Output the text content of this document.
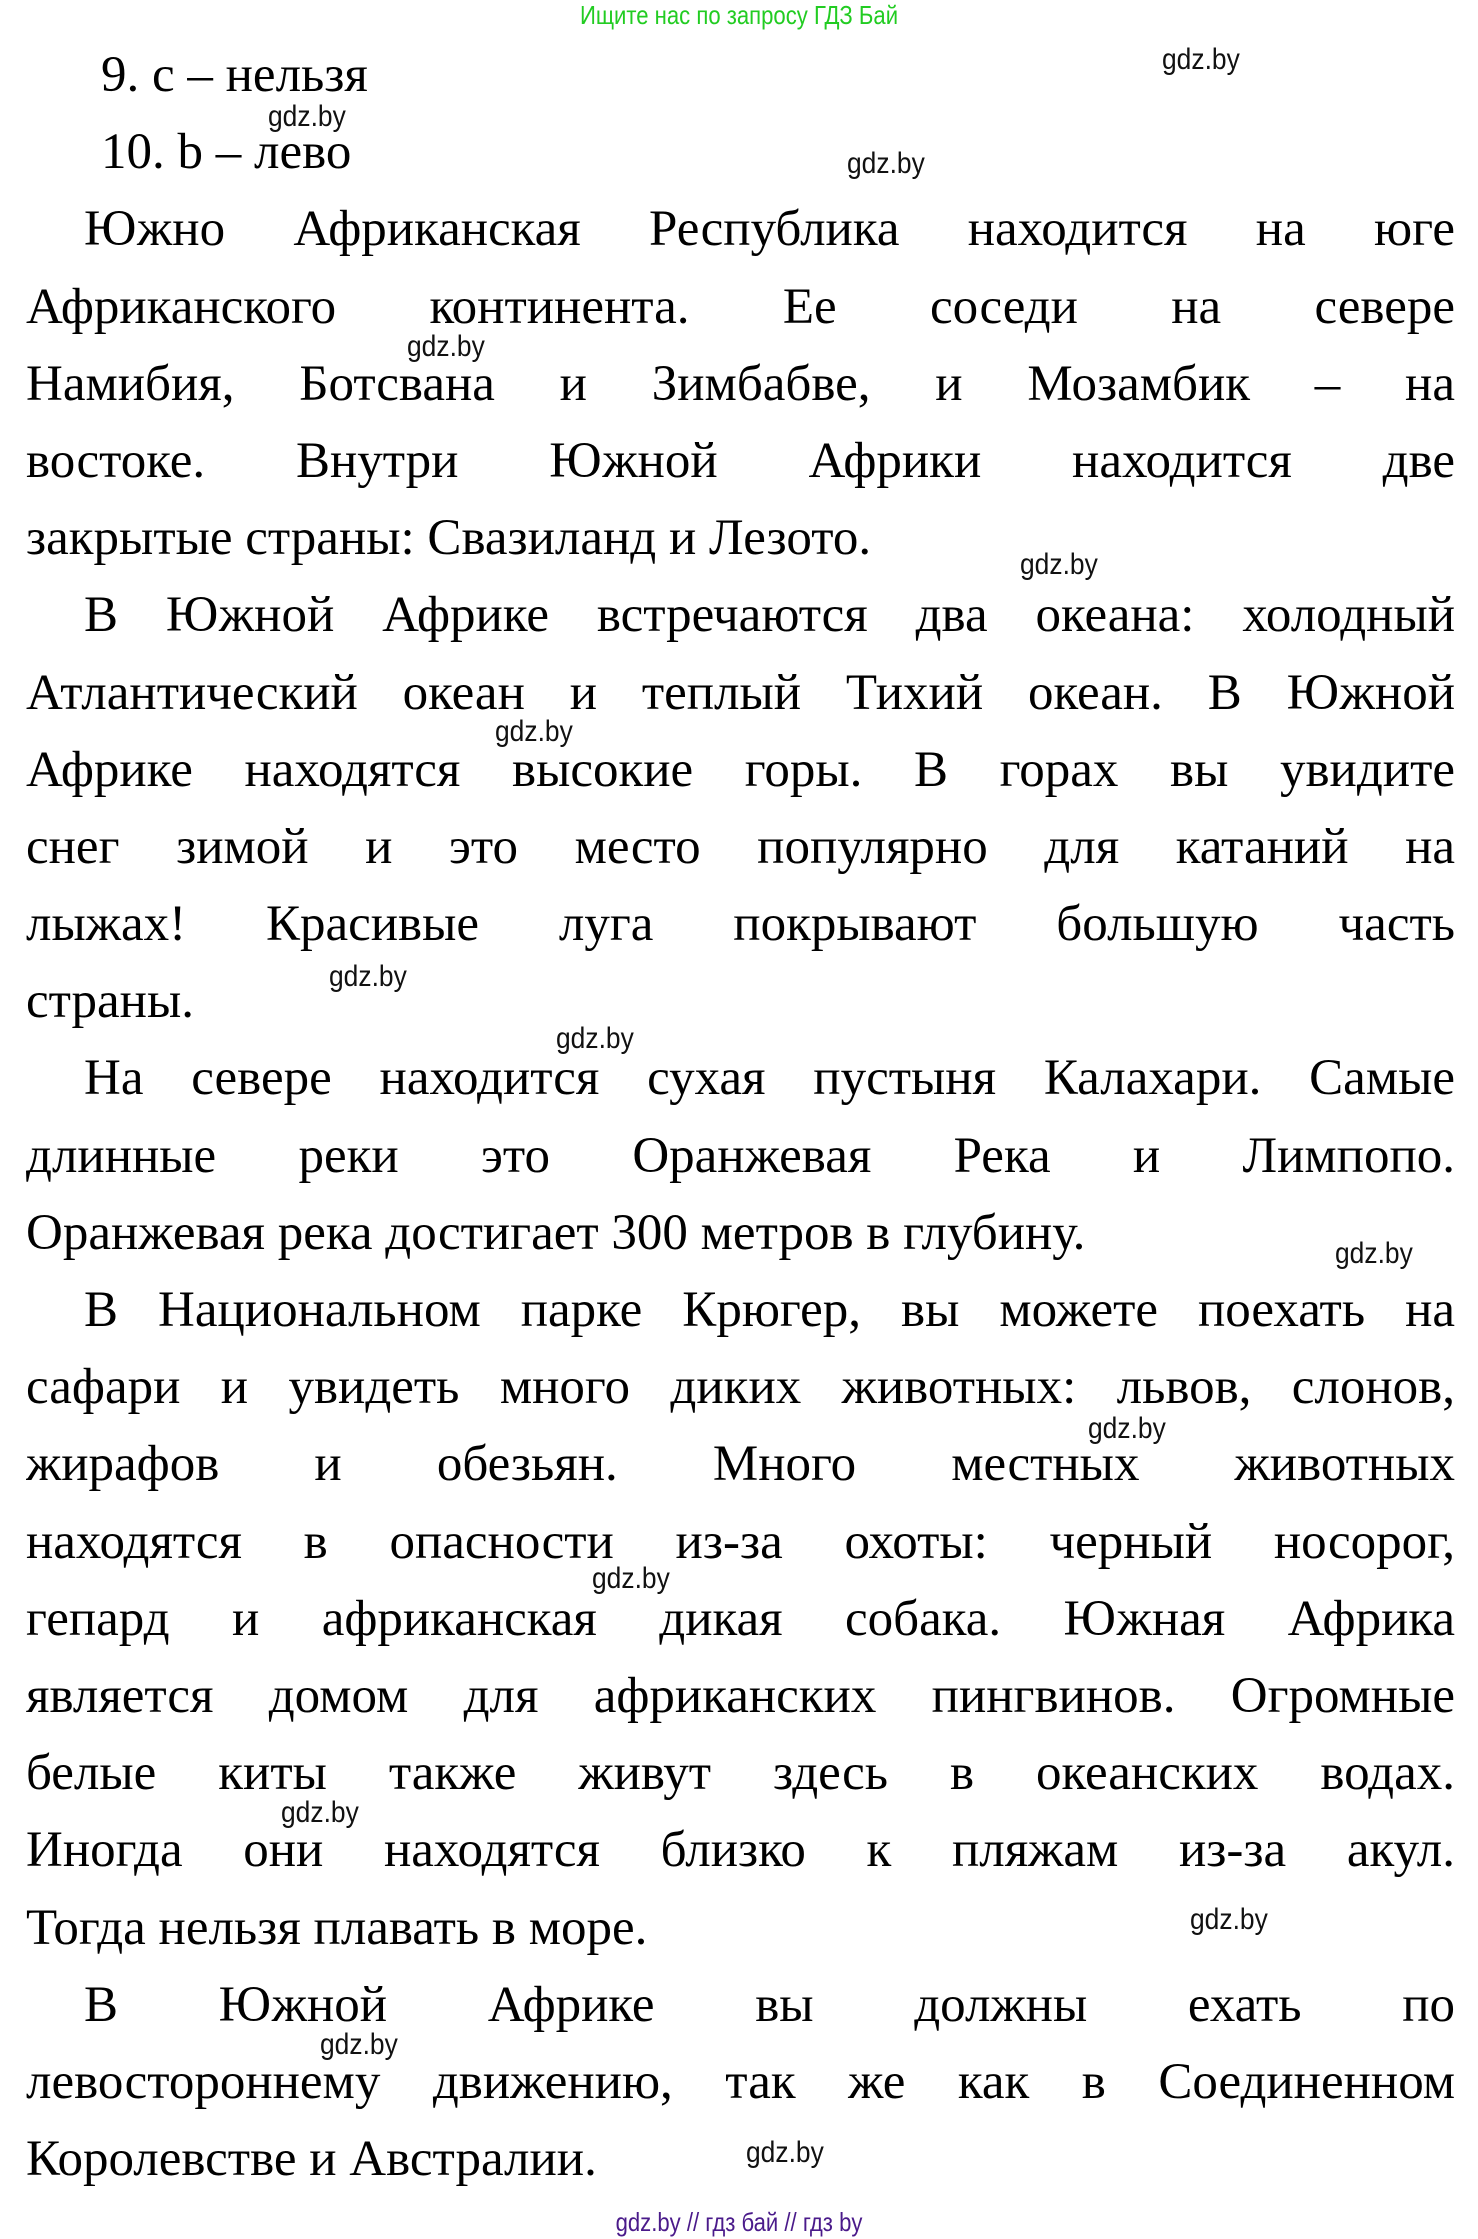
Ищите нас по запросу ГДЗ Бай
9. c – нельзя
10. b – лево
Южно Африканская Республика находится на юге
Африканского континента. Ее соседи на севере
Намибия, Ботсвана и Зимбабве, и Мозамбик – на
востоке. Внутри Южной Африки находится две
закрытые страны: Свазиланд и Лезото.
В Южной Африке встречаются два океана: холодный
Атлантический океан и теплый Тихий океан. В Южной
Африке находятся высокие горы. В горах вы увидите
снег зимой и это место популярно для катаний на
лыжах! Красивые луга покрывают большую часть
страны.
На севере находится сухая пустыня Калахари. Самые
длинные реки это Оранжевая Река и Лимпопо.
Оранжевая река достигает 300 метров в глубину.
В Национальном парке Крюгер, вы можете поехать на
сафари и увидеть много диких животных: львов, слонов,
жирафов и обезьян. Много местных животных
находятся в опасности из-за охоты: черный носорог,
гепард и африканская дикая собака. Южная Африка
является домом для африканских пингвинов. Огромные
белые киты также живут здесь в океанских водах.
Иногда они находятся близко к пляжам из-за акул.
Тогда нельзя плавать в море.
В Южной Африке вы должны ехать по
левостороннему движению, так же как в Соединенном
Королевстве и Австралии.
gdz.by
gdz.by
gdz.by
gdz.by
gdz.by
gdz.by
gdz.by
gdz.by
gdz.by
gdz.by
gdz.by
gdz.by
gdz.by
gdz.by
gdz.by
gdz.by // гдз бай // гдз by
